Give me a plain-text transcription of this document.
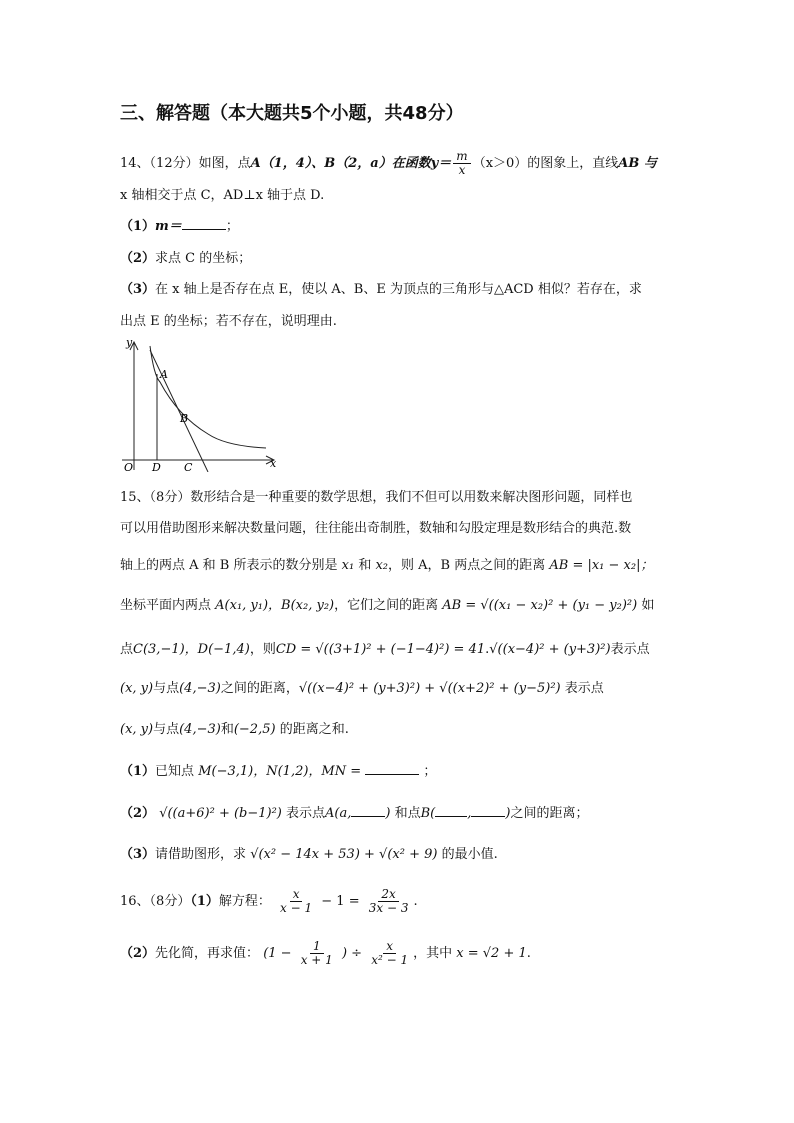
三、解答题（本大题共5个小题，共48分）
14、（12分）如图，点A（1，4）、B（2，a）在函数$y= \frac{m}{x} (x>0)$的图象上，直线AB 与
x 轴相交于点 C，AD⊥x 轴于点 D.
（1）m＝	；
（2）求点 C 的坐标；
（3）在 x 轴上是否存在点 E，使以 A、B、E 为顶点的三角形与△ACD 相似？若存在，求
出点 E 的坐标；若不存在，说明理由.
A
B
O D C	x
y
15、（8分）数形结合是一种重要的数学思想，我们不但可以用数来解决图形问题，同样也
可以用借助图形来解决数量问题，往往能出奇制胜，数轴和勾股定理是数形结合的典范.数
轴上的两点 A 和 B 所表示的数分别是 x₁ 和 x₂，则 A，B 两点之间的距离 AB = |x₁ − x₂|；
坐标平面内两点 A(x₁, y₁)，B(x₂, y₂)，它们之间的距离 AB = √((x₁ − x₂)² + (y₁ − y₂)²) 如
点C(3,−1)，D(−1,4)，则CD = √((3+1)² + (−1−4)²) = 41.√((x−4)² + (y+3)²)表示点
(x, y)与点(4,−3)之间的距离，√((x−4)² + (y+3)²) + √((x+2)² + (y−5)²) 表示点
(x, y)与点(4,−3)和(−2,5) 的距离之和.
（1）已知点 M(−3,1)，N(1,2)，MN =	；
（2） √((a+6)² + (b−1)²) 表示点A(a,	) 和点B( ,	)之间的距离；
（3）请借助图形，求 √(x² − 14x + 53) + √(x² + 9) 的最小值.
16、（8分）（1）解方程： $\frac{x}{x - 1} - 1 = \frac{2x}{3x - 3}$ .
（2）先化简，再求值： ($1 - \frac{1}{x + 1}$ ) ÷ $\frac{x}{\text{x² − 1}}$ ，其中 x = √2 + 1.
